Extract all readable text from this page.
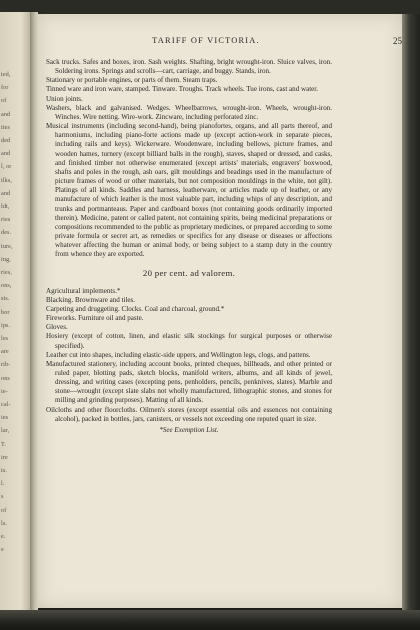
ted,
for
of
and
ites
ded
and
l, or
ilks,
and
ldt,
ries
des.
ture,
ing,
ries,
ons,
sts.
bor
ips.
les
are
rib-
ons
ie-
cal-
ies
lar,
T.
ire
ts.
l.
s
of
ls.
e.
e
TARIFF OF VICTORIA.	25

Sack trucks. Safes and boxes, iron. Sash weights. Shafting, bright wrought-iron. Sluice valves, iron. Soldering irons. Springs and scrolls—cart, carriage, and buggy. Stands, iron.

Stationary or portable engines, or parts of them. Steam traps.

Tinned ware and iron ware, stamped. Tinware. Troughs. Track wheels. Tue irons, cast and water.

Union joints.

Washers, black and galvanised. Wedges. Wheelbarrows, wrought-iron. Wheels, wrought-iron. Winches. Wire netting. Wire-work. Zincware, including perforated zinc.

Musical instruments (including second-hand), being pianofortes, organs, and all parts thereof, and harmoniums, including piano-forte actions made up (except action-work in separate pieces, including rails and keys). Wickerware. Woodenware, including bellows, picture frames, and wooden hames, turnery (except billiard balls in the rough), staves, shaped or dressed, and casks, and finished timber not otherwise enumerated (except artists' materials, engravers' boxwood, shafts and poles in the rough, ash oars, gilt mouldings and beadings used in the manufacture of picture frames of wood or other materials, but not composition mouldings in the white, not gilt). Platings of all kinds. Saddles and harness, leatherware, or articles made up of leather, or any manufacture of which leather is the most valuable part, including whips of any description, and trunks and portmanteaus. Paper and cardboard boxes (not containing goods ordinarily imported therein). Medicine, patent or called patent, not containing spirits, being medicinal preparations or compositions recommended to the public as proprietary medicines, or prepared according to some private formula or secret art, as remedies or specifics for any disease or diseases or affections whatever affecting the human or animal body, or being subject to a stamp duty in the country from whence they are exported.

20 per cent. ad valorem.

Agricultural implements.*

Blacking. Brownware and tiles.

Carpeting and druggeting. Clocks. Coal and charcoal, ground.*

Fireworks. Furniture oil and paste.

Gloves.

Hosiery (except of cotton, linen, and elastic silk stockings for surgical purposes or otherwise specified).

Leather cut into shapes, including elastic-side uppers, and Wellington legs, clogs, and pattens.

Manufactured stationery, including account books, printed cheques, billheads, and other printed or ruled paper, blotting pads, sketch blocks, manifold writers, albums, and all kinds of jewel, dressing, and writing cases (excepting pens, penholders, pencils, penknives, slates). Marble and stone—wrought (except slate slabs not wholly manufactured, lithographic stones, and stones for milling and grinding purposes). Matting of all kinds.

Oilcloths and other floorcloths. Oilmen's stores (except essential oils and essences not containing alcohol), packed in bottles, jars, canisters, or vessels not exceeding one reputed quart in size.

*See Exemption List.
